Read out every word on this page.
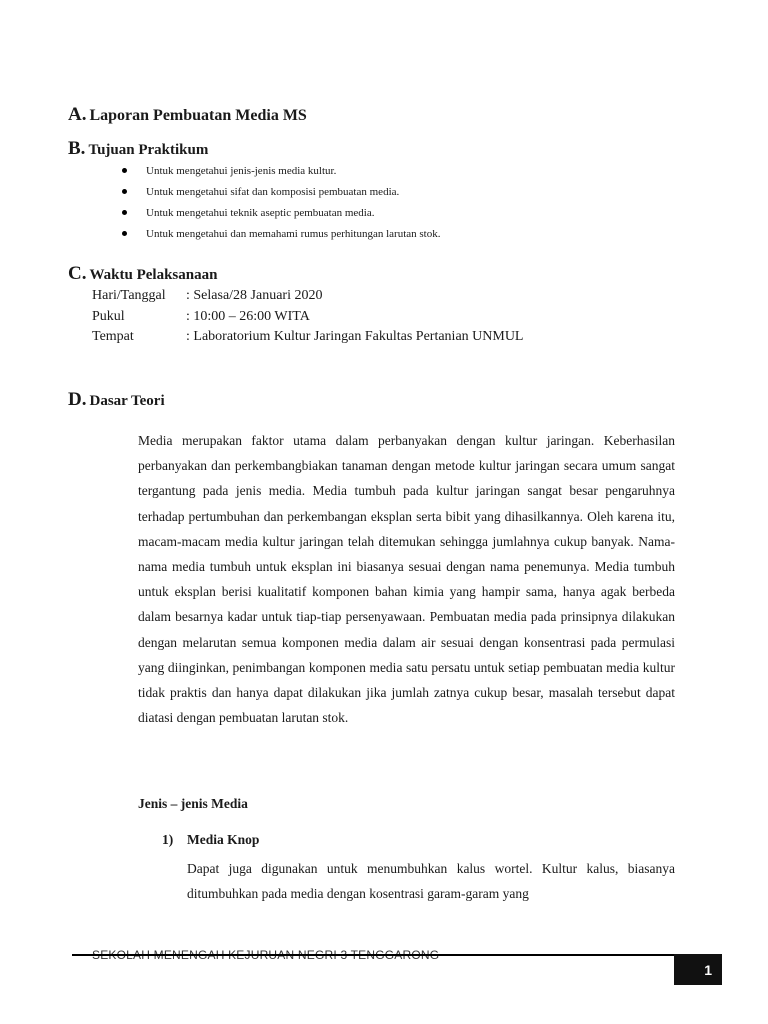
A. Laporan Pembuatan Media MS
B. Tujuan Praktikum
Untuk mengetahui jenis-jenis media kultur.
Untuk mengetahui sifat dan komposisi pembuatan media.
Untuk mengetahui teknik aseptic pembuatan media.
Untuk mengetahui dan memahami rumus perhitungan larutan stok.
C. Waktu Pelaksanaan
Hari/Tanggal : Selasa/28 Januari 2020
Pukul	: 10:00 – 26:00 WITA
Tempat	: Laboratorium Kultur Jaringan Fakultas Pertanian UNMUL
D. Dasar Teori

Media merupakan faktor utama dalam perbanyakan dengan kultur jaringan. Keberhasilan perbanyakan dan perkembangbiakan tanaman dengan metode kultur jaringan secara umum sangat tergantung pada jenis media. Media tumbuh pada kultur jaringan sangat besar pengaruhnya terhadap pertumbuhan dan perkembangan eksplan serta bibit yang dihasilkannya. Oleh karena itu, macam-macam media kultur jaringan telah ditemukan sehingga jumlahnya cukup banyak. Nama-nama media tumbuh untuk eksplan ini biasanya sesuai dengan nama penemunya. Media tumbuh untuk eksplan berisi kualitatif komponen bahan kimia yang hampir sama, hanya agak berbeda dalam besarnya kadar untuk tiap-tiap persenyawaan. Pembuatan media pada prinsipnya dilakukan dengan melarutan semua komponen media dalam air sesuai dengan konsentrasi pada permulasi yang diinginkan, penimbangan komponen media satu persatu untuk setiap pembuatan media kultur tidak praktis dan hanya dapat dilakukan jika jumlah zatnya cukup besar, masalah tersebut dapat diatasi dengan pembuatan larutan stok.

Jenis – jenis Media
1) Media Knop

Dapat juga digunakan untuk menumbuhkan kalus wortel. Kultur kalus, biasanya ditumbuhkan pada media dengan kosentrasi garam-garam yang

1
